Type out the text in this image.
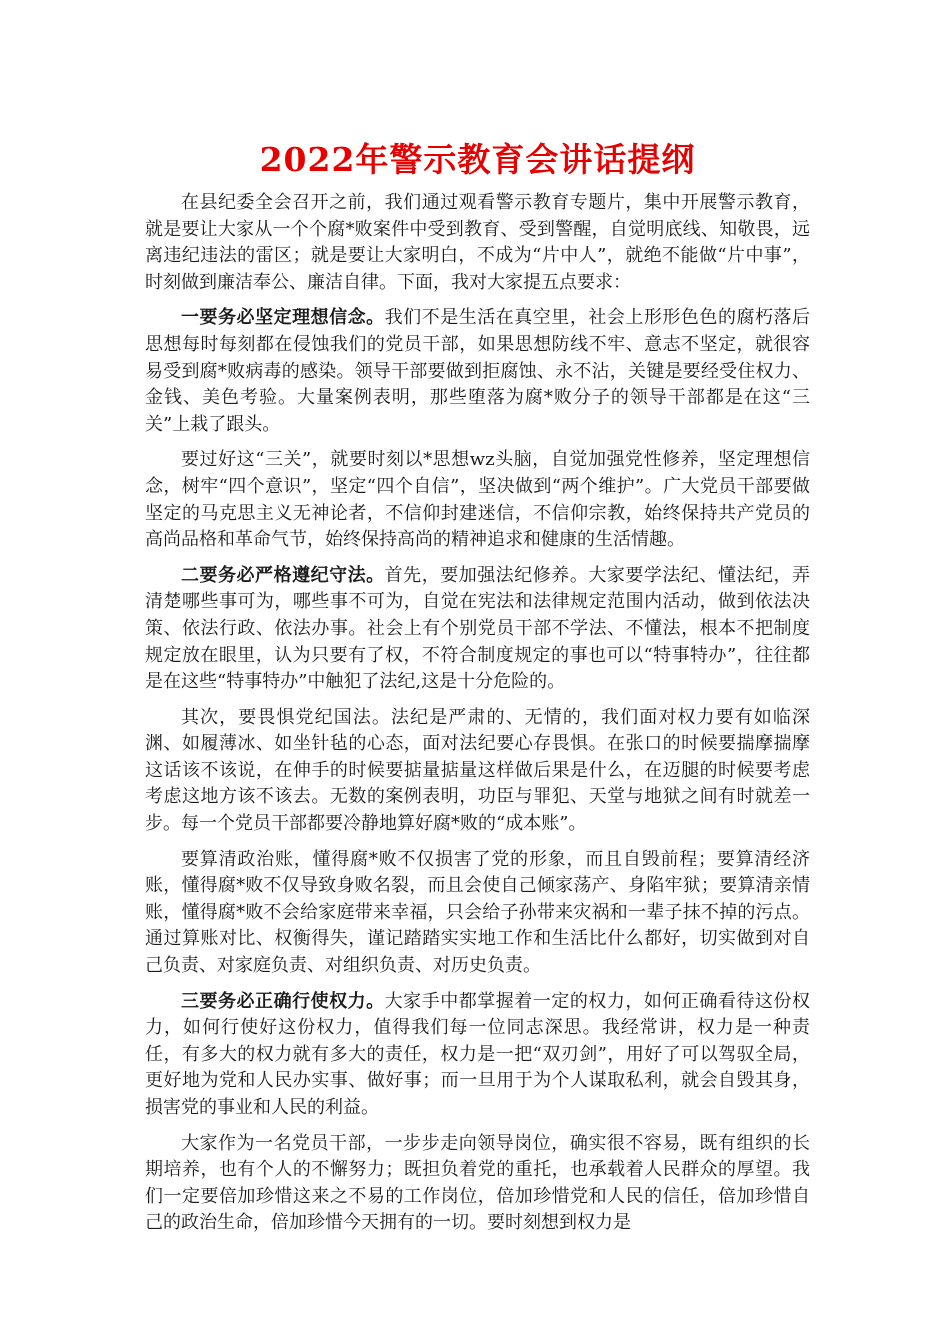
2022年警示教育会讲话提纲

在县纪委全会召开之前，我们通过观看警示教育专题片，集中开展警示教育，就是要让大家从一个个腐*败案件中受到教育、受到警醒，自觉明底线、知敬畏，远离违纪违法的雷区；就是要让大家明白，不成为“片中人”，就绝不能做“片中事”，时刻做到廉洁奉公、廉洁自律。下面，我对大家提五点要求：

一要务必坚定理想信念。我们不是生活在真空里，社会上形形色色的腐朽落后思想每时每刻都在侵蚀我们的党员干部，如果思想防线不牢、意志不坚定，就很容易受到腐*败病毒的感染。领导干部要做到拒腐蚀、永不沾，关键是要经受住权力、金钱、美色考验。大量案例表明，那些堕落为腐*败分子的领导干部都是在这“三关”上栽了跟头。

要过好这“三关”，就要时刻以*思想wz头脑，自觉加强党性修养，坚定理想信念，树牢“四个意识”，坚定“四个自信”，坚决做到“两个维护”。广大党员干部要做坚定的马克思主义无神论者，不信仰封建迷信，不信仰宗教，始终保持共产党员的高尚品格和革命气节，始终保持高尚的精神追求和健康的生活情趣。

二要务必严格遵纪守法。首先，要加强法纪修养。大家要学法纪、懂法纪，弄清楚哪些事可为，哪些事不可为，自觉在宪法和法律规定范围内活动，做到依法决策、依法行政、依法办事。社会上有个别党员干部不学法、不懂法，根本不把制度规定放在眼里，认为只要有了权，不符合制度规定的事也可以“特事特办”，往往都是在这些“特事特办”中触犯了法纪,这是十分危险的。

其次，要畏惧党纪国法。法纪是严肃的、无情的，我们面对权力要有如临深渊、如履薄冰、如坐针毡的心态，面对法纪要心存畏惧。在张口的时候要揣摩揣摩这话该不该说，在伸手的时候要掂量掂量这样做后果是什么，在迈腿的时候要考虑考虑这地方该不该去。无数的案例表明，功臣与罪犯、天堂与地狱之间有时就差一步。每一个党员干部都要冷静地算好腐*败的“成本账”。

要算清政治账，懂得腐*败不仅损害了党的形象，而且自毁前程；要算清经济账，懂得腐*败不仅导致身败名裂，而且会使自己倾家荡产、身陷牢狱；要算清亲情账，懂得腐*败不会给家庭带来幸福，只会给子孙带来灾祸和一辈子抹不掉的污点。通过算账对比、权衡得失，谨记踏踏实实地工作和生活比什么都好，切实做到对自己负责、对家庭负责、对组织负责、对历史负责。

三要务必正确行使权力。大家手中都掌握着一定的权力，如何正确看待这份权力，如何行使好这份权力，值得我们每一位同志深思。我经常讲，权力是一种责任，有多大的权力就有多大的责任，权力是一把“双刃剑”，用好了可以驾驭全局，更好地为党和人民办实事、做好事；而一旦用于为个人谋取私利，就会自毁其身，损害党的事业和人民的利益。

大家作为一名党员干部，一步步走向领导岗位，确实很不容易，既有组织的长期培养，也有个人的不懈努力；既担负着党的重托，也承载着人民群众的厚望。我们一定要倍加珍惜这来之不易的工作岗位，倍加珍惜党和人民的信任，倍加珍惜自己的政治生命，倍加珍惜今天拥有的一切。要时刻想到权力是
